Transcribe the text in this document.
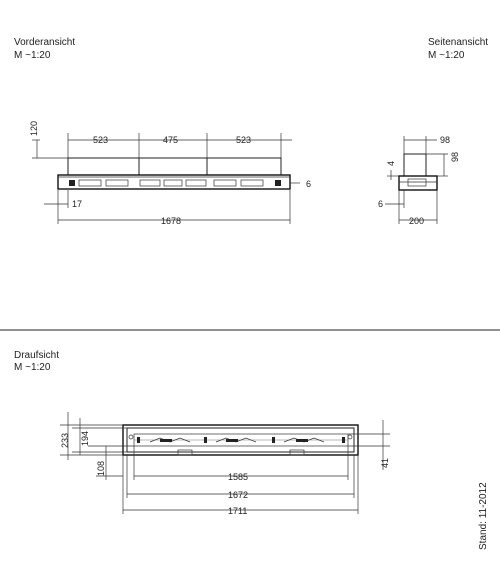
Vorderansicht
M ~1:20
Seitenansicht
M ~1:20
Draufsicht
M ~1:20
120
523	475	523
6
17
1678
98
98
4
6
200
233 194
108	41
1585
1672
1711	Stand: 11-2012
